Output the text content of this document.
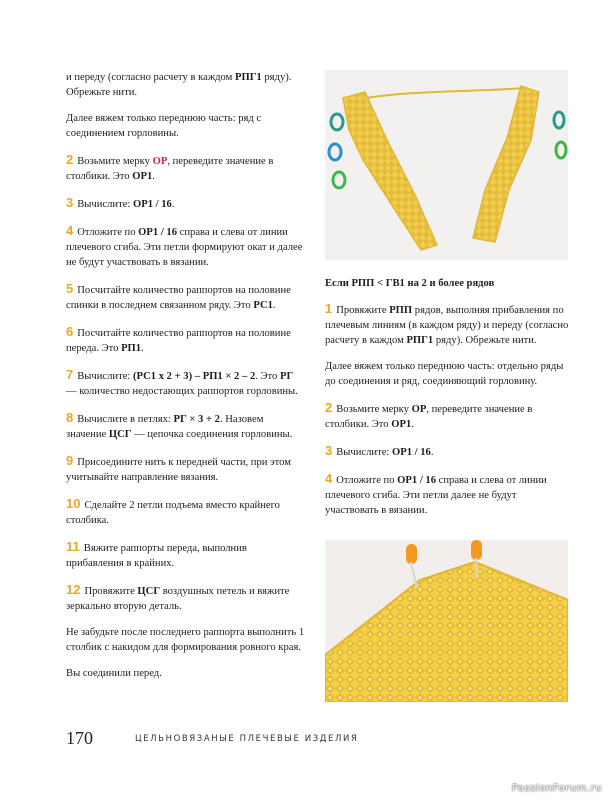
и переду (согласно расчету в каждом РПГ1 ряду). Обрежьте нити.

Далее вяжем только переднюю часть: ряд с соединением горловины.

2 Возьмите мерку ОР, переведите значение в столбики. Это ОР1.

3 Вычислите: ОР1 / 16.

4 Отложите по ОР1 / 16 справа и слева от линии плечевого сгиба. Эти петли формируют окат и далее не будут участвовать в вязании.

5 Посчитайте количество раппортов на половине спинки в последнем связанном ряду. Это РС1.

6 Посчитайте количество раппортов на половине переда. Это РП1.

7 Вычислите: (РС1 х 2 + 3) – РП1 × 2 – 2. Это РГ — количество недостающих раппортов горловины.

8 Вычислите в петлях: РГ × 3 + 2. Назовем значение ЦСГ — цепочка соединения горловины.

9 Присоедините нить к передней части, при этом учитывайте направление вязания.

10 Сделайте 2 петли подъема вместо крайнего столбика.

11 Вяжите раппорты переда, выполнив прибавления в крайних.

12 Провяжите ЦСГ воздушных петель и вяжите зеркально вторую деталь.

Не забудьте после последнего раппорта выполнить 1 столбик с накидом для формирования ровного края.

Вы соединили перед.

Если РПП < ГВ1 на 2 и более рядов

1 Провяжите РПП рядов, выполняя прибавления по плечевым линиям (в каждом ряду) и переду (согласно расчету в каждом РПГ1 ряду). Обрежьте нити.

Далее вяжем только переднюю часть: отдельно ряды до соединения и ряд, соединяющий горловину.

2 Возьмите мерку ОР, переведите значение в столбики. Это ОР1.

3 Вычислите: ОР1 / 16.

4 Отложите по ОР1 / 16 справа и слева от линии плечевого сгиба. Эти петли далее не будут участвовать в вязании.

170	ЦЕЛЬНОВЯЗАНЫЕ ПЛЕЧЕВЫЕ ИЗДЕЛИЯ
PassionForum.ru
